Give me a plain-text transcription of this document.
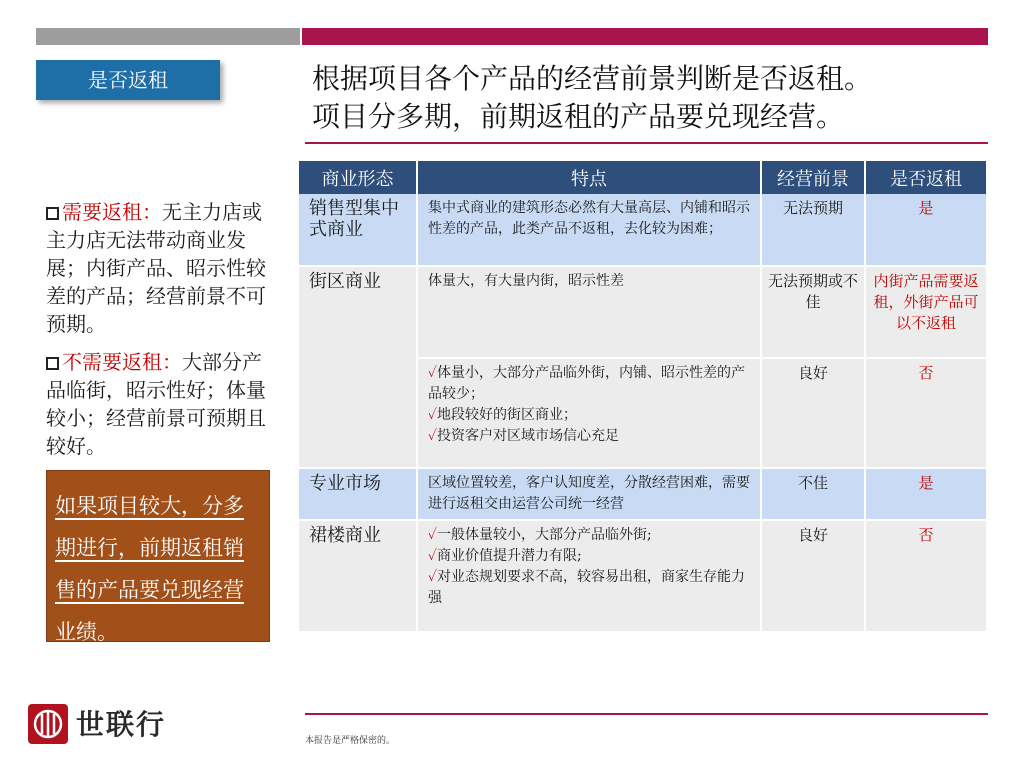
是否返租	根据项目各个产品的经营前景判断是否返租。
项目分多期，前期返租的产品要兑现经营。
需要返租：无主力店或主力店无法带动商业发展；内街产品、昭示性较差的产品；经营前景不可预期。
不需要返租：大部分产品临街，昭示性好；体量较小；经营前景可预期且较好。
如果项目较大，分多期进行，前期返租销售的产品要兑现经营业绩。
商业形态	特点	经营前景	是否返租
销售型集中式商业	集中式商业的建筑形态必然有大量高层、内铺和昭示性差的产品，此类产品不返租，去化较为困难；	无法预期	是
街区商业	体量大，有大量内街，昭示性差	无法预期或不佳	内街产品需要返租，外街产品可以不返租

	✓体量小，大部分产品临外街，内铺、昭示性差的产品较少；
✓地段较好的街区商业；
✓投资客户对区域市场信心充足	良好	否
专业市场	区域位置较差，客户认知度差，分散经营困难，需要进行返租交由运营公司统一经营	不佳	是
裙楼商业	✓一般体量较小，大部分产品临外街;
✓商业价值提升潜力有限;
✓对业态规划要求不高，较容易出租，商家生存能力强	良好	否
世联行	本报告是严格保密的。
